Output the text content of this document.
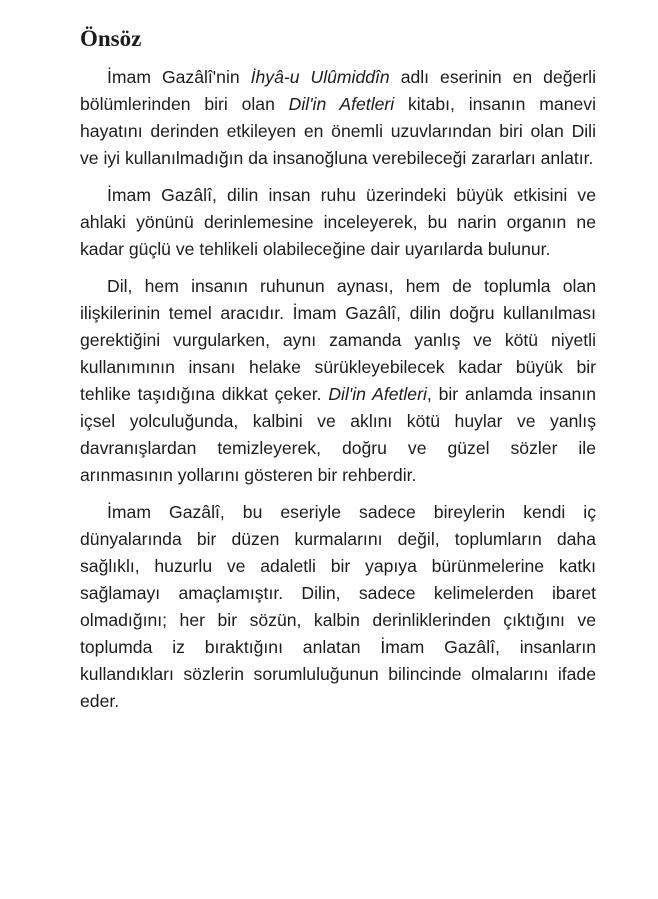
Önsöz

İmam Gazâlî'nin İhyâ-u Ulûmiddîn adlı eserinin en değerli bölümlerinden biri olan Dil'in Afetleri kitabı, insanın manevi hayatını derinden etkileyen en önemli uzuvlarından biri olan Dili ve iyi kullanılmadığın da insanoğluna verebileceği zararları anlatır.

İmam Gazâlî, dilin insan ruhu üzerindeki büyük etkisini ve ahlaki yönünü derinlemesine inceleyerek, bu narin organın ne kadar güçlü ve tehlikeli olabileceğine dair uyarılarda bulunur.

Dil, hem insanın ruhunun aynası, hem de toplumla olan ilişkilerinin temel aracıdır. İmam Gazâlî, dilin doğru kullanılması gerektiğini vurgularken, aynı zamanda yanlış ve kötü niyetli kullanımının insanı helake sürükleyebilecek kadar büyük bir tehlike taşıdığına dikkat çeker. Dil'in Afetleri, bir anlamda insanın içsel yolculuğunda, kalbini ve aklını kötü huylar ve yanlış davranışlardan temizleyerek, doğru ve güzel sözler ile arınmasının yollarını gösteren bir rehberdir.

İmam Gazâlî, bu eseriyle sadece bireylerin kendi iç dünyalarında bir düzen kurmalarını değil, toplumların daha sağlıklı, huzurlu ve adaletli bir yapıya bürünmelerine katkı sağlamayı amaçlamıştır. Dilin, sadece kelimelerden ibaret olmadığını; her bir sözün, kalbin derinliklerinden çıktığını ve toplumda iz bıraktığını anlatan İmam Gazâlî, insanların kullandıkları sözlerin sorumluluğunun bilincinde olmalarını ifade eder.
